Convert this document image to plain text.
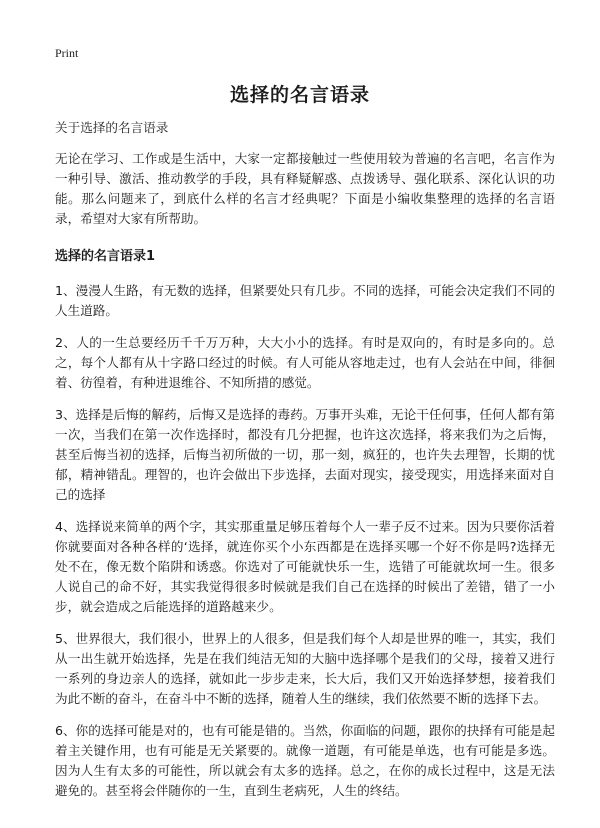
Print
选择的名言语录

关于选择的名言语录

无论在学习、工作或是生活中，大家一定都接触过一些使用较为普遍的名言吧，名言作为一种引导、激活、推动教学的手段，具有释疑解惑、点拨诱导、强化联系、深化认识的功能。那么问题来了，到底什么样的名言才经典呢？下面是小编收集整理的选择的名言语录，希望对大家有所帮助。

选择的名言语录1

1、漫漫人生路，有无数的选择，但紧要处只有几步。不同的选择，可能会决定我们不同的人生道路。

2、人的一生总要经历千千万万种，大大小小的选择。有时是双向的，有时是多向的。总之，每个人都有从十字路口经过的时候。有人可能从容地走过，也有人会站在中间，徘徊着、彷徨着，有种进退维谷、不知所措的感觉。

3、选择是后悔的解药，后悔又是选择的毒药。万事开头难，无论干任何事，任何人都有第一次，当我们在第一次作选择时，都没有几分把握，也许这次选择，将来我们为之后悔，甚至后悔当初的选择，后悔当初所做的一切，那一刻，疯狂的，也许失去理智，长期的忧郁，精神错乱。理智的，也许会做出下步选择，去面对现实，接受现实，用选择来面对自己的选择

4、选择说来简单的两个字，其实那重量足够压着每个人一辈子反不过来。因为只要你活着你就要面对各种各样的‘选择，就连你买个小东西都是在选择买哪一个好不你是吗?选择无处不在，像无数个陷阱和诱惑。你选对了可能就快乐一生，选错了可能就坎坷一生。很多人说自己的命不好，其实我觉得很多时候就是我们自己在选择的时候出了差错，错了一小步，就会造成之后能选择的道路越来少。

5、世界很大，我们很小，世界上的人很多，但是我们每个人却是世界的唯一，其实，我们从一出生就开始选择，先是在我们纯洁无知的大脑中选择哪个是我们的父母，接着又进行一系列的身边亲人的选择，就如此一步步走来，长大后，我们又开始选择梦想，接着我们为此不断的奋斗，在奋斗中不断的选择，随着人生的继续，我们依然要不断的选择下去。

6、你的选择可能是对的，也有可能是错的。当然，你面临的问题，跟你的抉择有可能是起着主关键作用，也有可能是无关紧要的。就像一道题，有可能是单选，也有可能是多选。因为人生有太多的可能性，所以就会有太多的选择。总之，在你的成长过程中，这是无法避免的。甚至将会伴随你的一生，直到生老病死，人生的终结。
